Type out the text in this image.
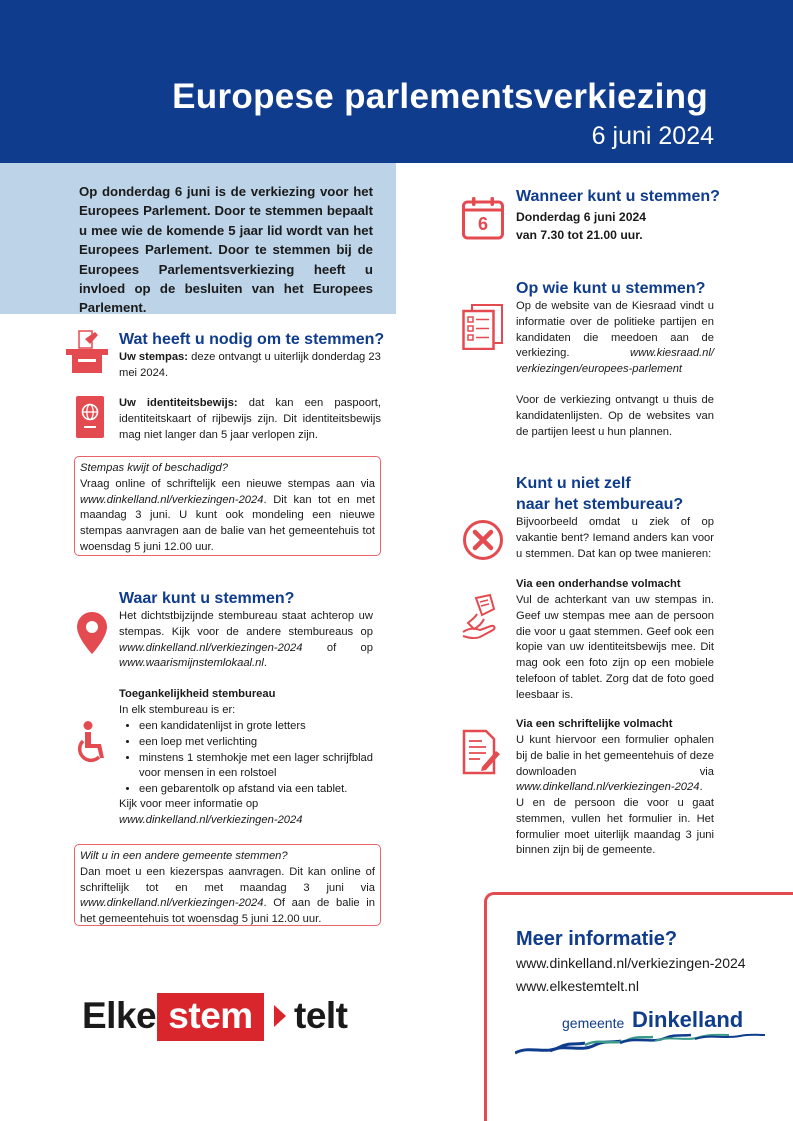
Europese parlementsverkiezing
6 juni 2024
Op donderdag 6 juni is de verkiezing voor het Europees Parlement. Door te stemmen bepaalt u mee wie de komende 5 jaar lid wordt van het Europees Parlement. Door te stemmen bij de Europees Parlementsverkiezing heeft u invloed op de besluiten van het Europees Parlement.
Wat heeft u nodig om te stemmen?
Uw stempas: deze ontvangt u uiterlijk donderdag 23 mei 2024.
Uw identiteitsbewijs: dat kan een paspoort, identiteitskaart of rijbewijs zijn. Dit identiteitsbewijs mag niet langer dan 5 jaar verlopen zijn.
Stempas kwijt of beschadigd?
Vraag online of schriftelijk een nieuwe stempas aan via www.dinkelland.nl/verkiezingen-2024. Dit kan tot en met maandag 3 juni. U kunt ook mondeling een nieuwe stempas aanvragen aan de balie van het gemeentehuis tot woensdag 5 juni 12.00 uur.
Waar kunt u stemmen?
Het dichtstbijzijnde stembureau staat achterop uw stempas. Kijk voor de andere stembureaus op www.dinkelland.nl/verkiezingen-2024 of op www.waarismijnstemlokaal.nl.
Toegankelijkheid stembureau
In elk stembureau is er:
• een kandidatenlijst in grote letters
• een loep met verlichting
• minstens 1 stemhokje met een lager schrijfblad voor mensen in een rolstoel
• een gebarentolk op afstand via een tablet.
Kijk voor meer informatie op
www.dinkelland.nl/verkiezingen-2024
Wilt u in een andere gemeente stemmen?
Dan moet u een kiezerspas aanvragen. Dit kan online of schriftelijk tot en met maandag 3 juni via www.dinkelland.nl/verkiezingen-2024. Of aan de balie in het gemeentehuis tot woensdag 5 juni 12.00 uur.
6
Wanneer kunt u stemmen?
Donderdag 6 juni 2024
van 7.30 tot 21.00 uur.
Op wie kunt u stemmen?
Op de website van de Kiesraad vindt u informatie over de politieke partijen en kandidaten die meedoen aan de verkiezing.	www.kiesraad.nl/ verkiezingen/europees-parlement
Voor de verkiezing ontvangt u thuis de kandidatenlijsten. Op de websites van de partijen leest u hun plannen.
Kunt u niet zelf
naar het stembureau?
Bijvoorbeeld omdat u ziek of op vakantie bent? Iemand anders kan voor u stemmen. Dat kan op twee manieren:
Via een onderhandse volmacht
Vul de achterkant van uw stempas in. Geef uw stempas mee aan de persoon die voor u gaat stemmen. Geef ook een kopie van uw identiteitsbewijs mee. Dit mag ook een foto zijn op een mobiele telefoon of tablet. Zorg dat de foto goed leesbaar is.
Via een schriftelijke volmacht
U kunt hiervoor een formulier ophalen bij de balie in het gemeentehuis of deze downloaden via www.dinkelland.nl/verkiezingen-2024.
U en de persoon die voor u gaat stemmen, vullen het formulier in. Het formulier moet uiterlijk maandag 3 juni binnen zijn bij de gemeente.
Meer informatie?
www.dinkelland.nl/verkiezingen-2024
www.elkestemtelt.nl
gemeente Dinkelland
Elke stem	telt
